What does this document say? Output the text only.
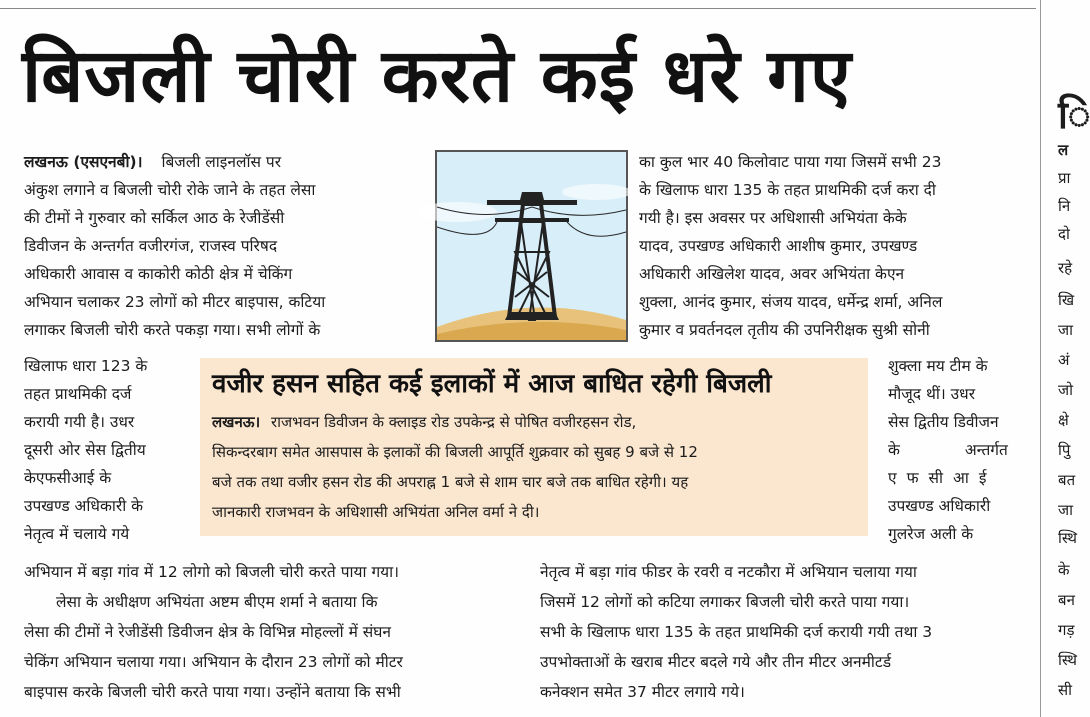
बिजली चोरी करते कई धरे गए
लखनऊ (एसएनबी)। बिजली लाइनलॉस पर
अंकुश लगाने व बिजली चोरी रोके जाने के तहत लेसा
की टीमों ने गुरुवार को सर्किल आठ के रेजीडेंसी
डिवीजन के अन्तर्गत वजीरगंज, राजस्व परिषद
अधिकारी आवास व काकोरी कोठी क्षेत्र में चेकिंग
अभियान चलाकर 23 लोगों को मीटर बाइपास, कटिया
लगाकर बिजली चोरी करते पकड़ा गया। सभी लोगों के
का कुल भार 40 किलोवाट पाया गया जिसमें सभी 23
के खिलाफ धारा 135 के तहत प्राथमिकी दर्ज करा दी
गयी है। इस अवसर पर अधिशासी अभियंता केके
यादव, उपखण्ड अधिकारी आशीष कुमार, उपखण्ड
अधिकारी अखिलेश यादव, अवर अभियंता केएन
शुक्ला, आनंद कुमार, संजय यादव, धर्मेन्द्र शर्मा, अनिल
कुमार व प्रवर्तनदल तृतीय की उपनिरीक्षक सुश्री सोनी
खिलाफ धारा 123 के
तहत प्राथमिकी दर्ज
करायी गयी है। उधर
दूसरी ओर सेस द्वितीय
केएफसीआई के
उपखण्ड अधिकारी के
नेतृत्व में चलाये गये
वजीर हसन सहित कई इलाकों में आज बाधित रहेगी बिजली
लखनऊ। राजभवन डिवीजन के क्लाइड रोड उपकेन्द्र से पोषित वजीरहसन रोड,
सिकन्दरबाग समेत आसपास के इलाकों की बिजली आपूर्ति शुक्रवार को सुबह 9 बजे से 12
बजे तक तथा वजीर हसन रोड की अपराह्न 1 बजे से शाम चार बजे तक बाधित रहेगी। यह
जानकारी राजभवन के अधिशासी अभियंता अनिल वर्मा ने दी।
शुक्ला मय टीम के
मौजूद थीं। उधर
सेस द्वितीय डिवीजन
के अन्तर्गत
एफसीआई
उपखण्ड अधिकारी
गुलरेज अली के
अभियान में बड़ा गांव में 12 लोगो को बिजली चोरी करते पाया गया।
लेसा के अधीक्षण अभियंता अष्टम बीएम शर्मा ने बताया कि
लेसा की टीमों ने रेजीडेंसी डिवीजन क्षेत्र के विभिन्न मोहल्लों में संघन
चेकिंग अभियान चलाया गया। अभियान के दौरान 23 लोगों को मीटर
बाइपास करके बिजली चोरी करते पाया गया। उन्होंने बताया कि सभी
नेतृत्व में बड़ा गांव फीडर के रवरी व नटकौरा में अभियान चलाया गया
जिसमें 12 लोगों को कटिया लगाकर बिजली चोरी करते पाया गया।
सभी के खिलाफ धारा 135 के तहत प्राथमिकी दर्ज करायी गयी तथा 3
उपभोक्ताओं के खराब मीटर बदले गये और तीन मीटर अनमीटर्ड
कनेक्शन समेत 37 मीटर लगाये गये।
ि
ल
प्रा
नि
दो
रहे
खि
जा
अं
जो
क्षे
पुि
बत
जा
स्थि
के
बन
गड़
स्थि
सी
